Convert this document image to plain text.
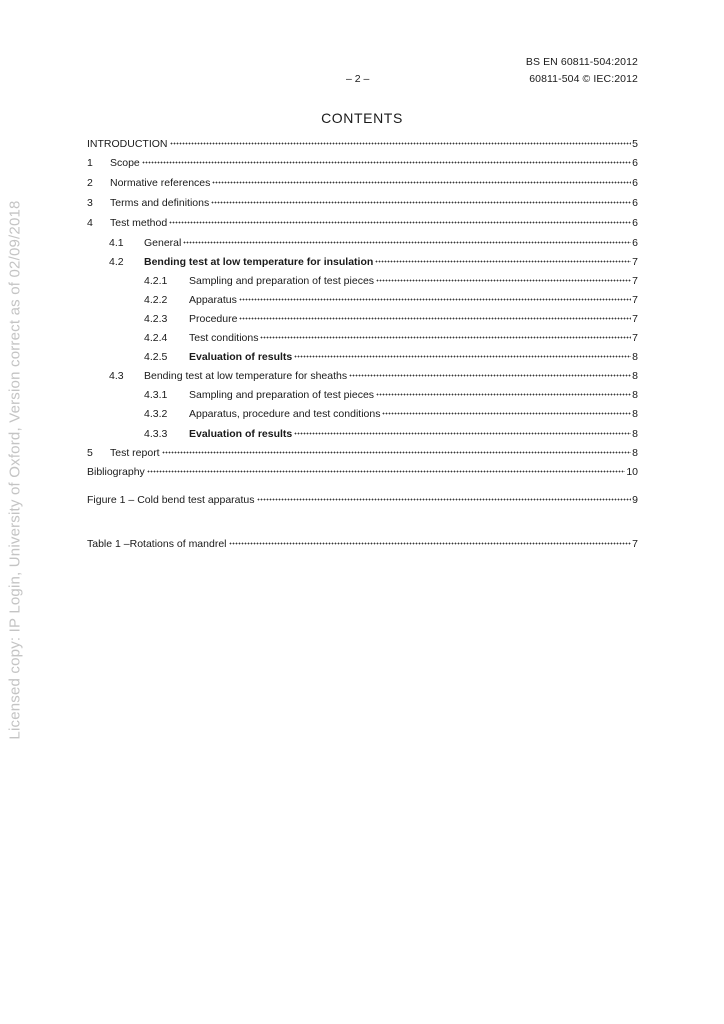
BS EN 60811-504:2012
60811-504 © IEC:2012
– 2 –
CONTENTS
INTRODUCTION	5
1	Scope	6
2	Normative references	6
3	Terms and definitions	6
4	Test method	6
4.1	General	6
4.2	Bending test at low temperature for insulation	7
4.2.1	Sampling and preparation of test pieces	7
4.2.2	Apparatus	7
4.2.3	Procedure	7
4.2.4	Test conditions	7
4.2.5	Evaluation of results	8
4.3	Bending test at low temperature for sheaths	8
4.3.1	Sampling and preparation of test pieces	8
4.3.2	Apparatus, procedure and test conditions	8
4.3.3	Evaluation of results	8
5	Test report	8
Bibliography	10
Figure 1 – Cold bend test apparatus	9
Table 1 –Rotations of mandrel	7
Licensed copy: IP Login, University of Oxford, Version correct as of 02/09/2018
